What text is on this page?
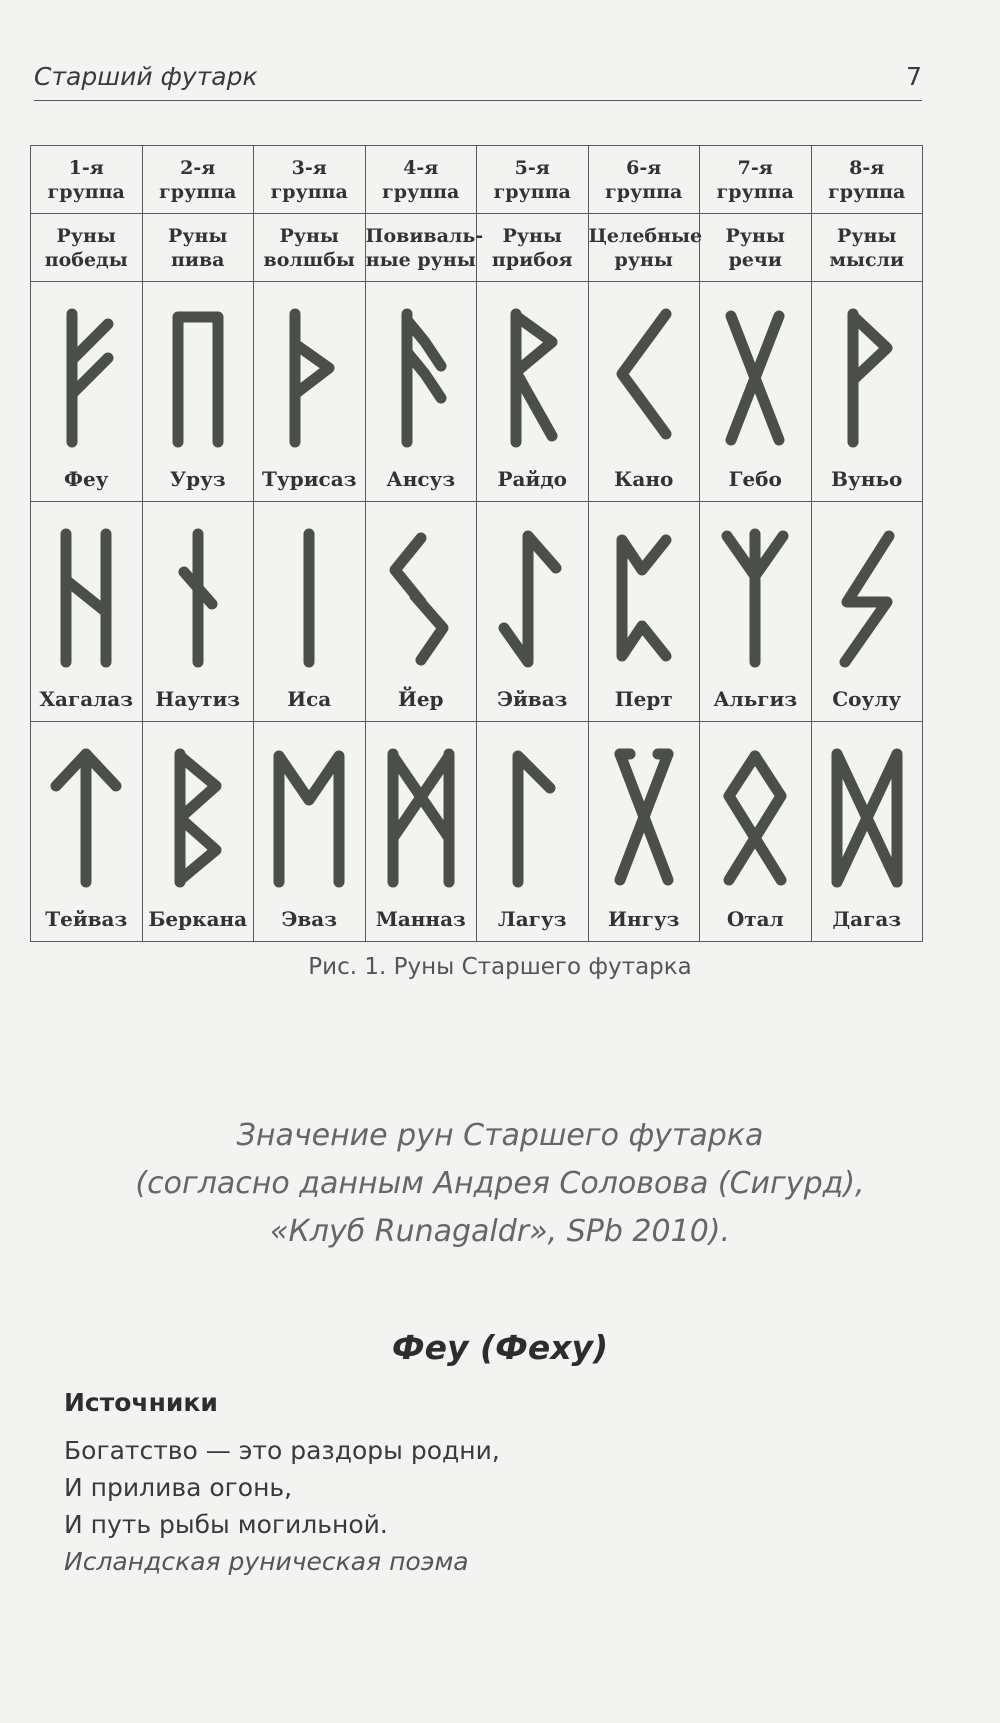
Старший футарк	7
1-я группа	2-я группа	3-я группа	4-я группа	5-я группа	6-я группа	7-я группа	8-я группа
Руны победы	Руны пива	Руны волшбы	Повиваль-ные руны	Руны прибоя	Целебные руны	Руны речи	Руны мысли

Феу	Уруз	Турисаз	Ансуз	Райдо	Кано	Гебо	Вуньо

Хагалаз	Наутиз	Иса	Йер	Эйваз	Перт	Альгиз	Соулу

Тейваз	Беркана	Эваз	Манназ	Лагуз	Ингуз	Отал	Дагаз
Рис. 1. Руны Старшего футарка
Значение рун Старшего футарка
(согласно данным Андрея Солововa (Сигурд),
«Клуб Runagaldr», SPb 2010).
Феу (Феху)
Источники
Богатство — это раздоры родни,
И прилива огонь,
И путь рыбы могильной.
Исландская руническая поэма
